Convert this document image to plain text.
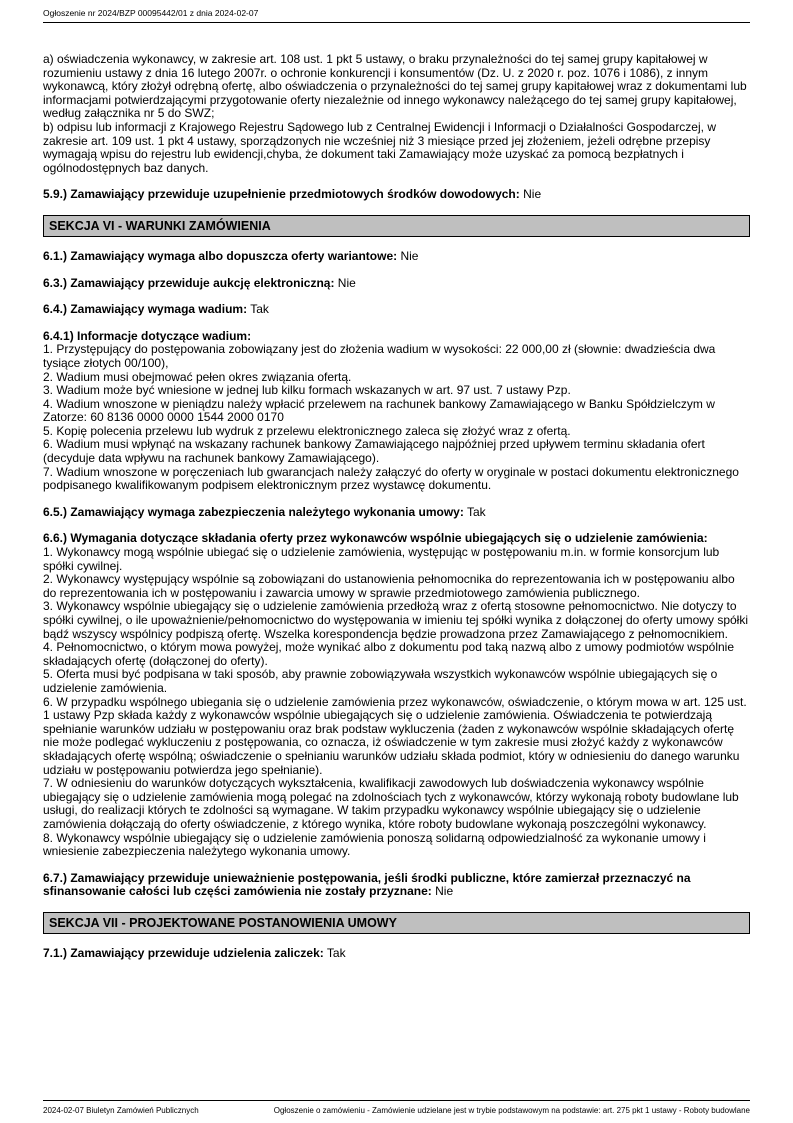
Ogłoszenie nr 2024/BZP 00095442/01 z dnia 2024-02-07

a) oświadczenia wykonawcy, w zakresie art. 108 ust. 1 pkt 5 ustawy, o braku przynależności do tej samej grupy kapitałowej w rozumieniu ustawy z dnia 16 lutego 2007r. o ochronie konkurencji i konsumentów (Dz. U. z 2020 r. poz. 1076 i 1086), z innym wykonawcą, który złożył odrębną ofertę, albo oświadczenia o przynależności do tej samej grupy kapitałowej wraz z dokumentami lub informacjami potwierdzającymi przygotowanie oferty niezależnie od innego wykonawcy należącego do tej samej grupy kapitałowej, według załącznika nr 5 do SWZ;

b) odpisu lub informacji z Krajowego Rejestru Sądowego lub z Centralnej Ewidencji i Informacji o Działalności Gospodarczej, w zakresie art. 109 ust. 1 pkt 4 ustawy, sporządzonych nie wcześniej niż 3 miesiące przed jej złożeniem, jeżeli odrębne przepisy wymagają wpisu do rejestru lub ewidencji,chyba, że dokument taki Zamawiający może uzyskać za pomocą bezpłatnych i ogólnodostępnych baz danych.

5.9.) Zamawiający przewiduje uzupełnienie przedmiotowych środków dowodowych: Nie

SEKCJA VI - WARUNKI ZAMÓWIENIA

6.1.) Zamawiający wymaga albo dopuszcza oferty wariantowe: Nie

6.3.) Zamawiający przewiduje aukcję elektroniczną: Nie

6.4.) Zamawiający wymaga wadium: Tak

6.4.1) Informacje dotyczące wadium:
1. Przystępujący do postępowania zobowiązany jest do złożenia wadium w wysokości: 22 000,00 zł (słownie: dwadzieścia dwa tysiące złotych 00/100),
2. Wadium musi obejmować pełen okres związania ofertą.
3. Wadium może być wniesione w jednej lub kilku formach wskazanych w art. 97 ust. 7 ustawy Pzp.
4. Wadium wnoszone w pieniądzu należy wpłacić przelewem na rachunek bankowy Zamawiającego w Banku Spółdzielczym w Zatorze: 60 8136 0000 0000 1544 2000 0170
5. Kopię polecenia przelewu lub wydruk z przelewu elektronicznego zaleca się złożyć wraz z ofertą.
6. Wadium musi wpłynąć na wskazany rachunek bankowy Zamawiającego najpóźniej przed upływem terminu składania ofert (decyduje data wpływu na rachunek bankowy Zamawiającego).
7. Wadium wnoszone w poręczeniach lub gwarancjach należy załączyć do oferty w oryginale w postaci dokumentu elektronicznego podpisanego kwalifikowanym podpisem elektronicznym przez wystawcę dokumentu.

6.5.) Zamawiający wymaga zabezpieczenia należytego wykonania umowy: Tak

6.6.) Wymagania dotyczące składania oferty przez wykonawców wspólnie ubiegających się o udzielenie zamówienia:
1. Wykonawcy mogą wspólnie ubiegać się o udzielenie zamówienia, występując w postępowaniu m.in. w formie konsorcjum lub spółki cywilnej.
2. Wykonawcy występujący wspólnie są zobowiązani do ustanowienia pełnomocnika do reprezentowania ich w postępowaniu albo do reprezentowania ich w postępowaniu i zawarcia umowy w sprawie przedmiotowego zamówienia publicznego.
3. Wykonawcy wspólnie ubiegający się o udzielenie zamówienia przedłożą wraz z ofertą stosowne pełnomocnictwo. Nie dotyczy to spółki cywilnej, o ile upoważnienie/pełnomocnictwo do występowania w imieniu tej spółki wynika z dołączonej do oferty umowy spółki bądź wszyscy wspólnicy podpiszą ofertę. Wszelka korespondencja będzie prowadzona przez Zamawiającego z pełnomocnikiem.
4. Pełnomocnictwo, o którym mowa powyżej, może wynikać albo z dokumentu pod taką nazwą albo z umowy podmiotów wspólnie składających ofertę (dołączonej do oferty).
5. Oferta musi być podpisana w taki sposób, aby prawnie zobowiązywała wszystkich wykonawców wspólnie ubiegających się o udzielenie zamówienia.
6. W przypadku wspólnego ubiegania się o udzielenie zamówienia przez wykonawców, oświadczenie, o którym mowa w art. 125 ust. 1 ustawy Pzp składa każdy z wykonawców wspólnie ubiegających się o udzielenie zamówienia. Oświadczenia te potwierdzają spełnianie warunków udziału w postępowaniu oraz brak podstaw wykluczenia (żaden z wykonawców wspólnie składających ofertę nie może podlegać wykluczeniu z postępowania, co oznacza, iż oświadczenie w tym zakresie musi złożyć każdy z wykonawców składających ofertę wspólną; oświadczenie o spełnianiu warunków udziału składa podmiot, który w odniesieniu do danego warunku udziału w postępowaniu potwierdza jego spełnianie).
7. W odniesieniu do warunków dotyczących wykształcenia, kwalifikacji zawodowych lub doświadczenia wykonawcy wspólnie ubiegający się o udzielenie zamówienia mogą polegać na zdolnościach tych z wykonawców, którzy wykonają roboty budowlane lub usługi, do realizacji których te zdolności są wymagane. W takim przypadku wykonawcy wspólnie ubiegający się o udzielenie zamówienia dołączają do oferty oświadczenie, z którego wynika, które roboty budowlane wykonają poszczególni wykonawcy.
8. Wykonawcy wspólnie ubiegający się o udzielenie zamówienia ponoszą solidarną odpowiedzialność za wykonanie umowy i wniesienie zabezpieczenia należytego wykonania umowy.

6.7.) Zamawiający przewiduje unieważnienie postępowania, jeśli środki publiczne, które zamierzał przeznaczyć na sfinansowanie całości lub części zamówienia nie zostały przyznane: Nie

SEKCJA VII - PROJEKTOWANE POSTANOWIENIA UMOWY

7.1.) Zamawiający przewiduje udzielenia zaliczek: Tak

2024-02-07 Biuletyn Zamówień Publicznych	Ogłoszenie o zamówieniu - Zamówienie udzielane jest w trybie podstawowym na podstawie: art. 275 pkt 1 ustawy - Roboty budowlane
